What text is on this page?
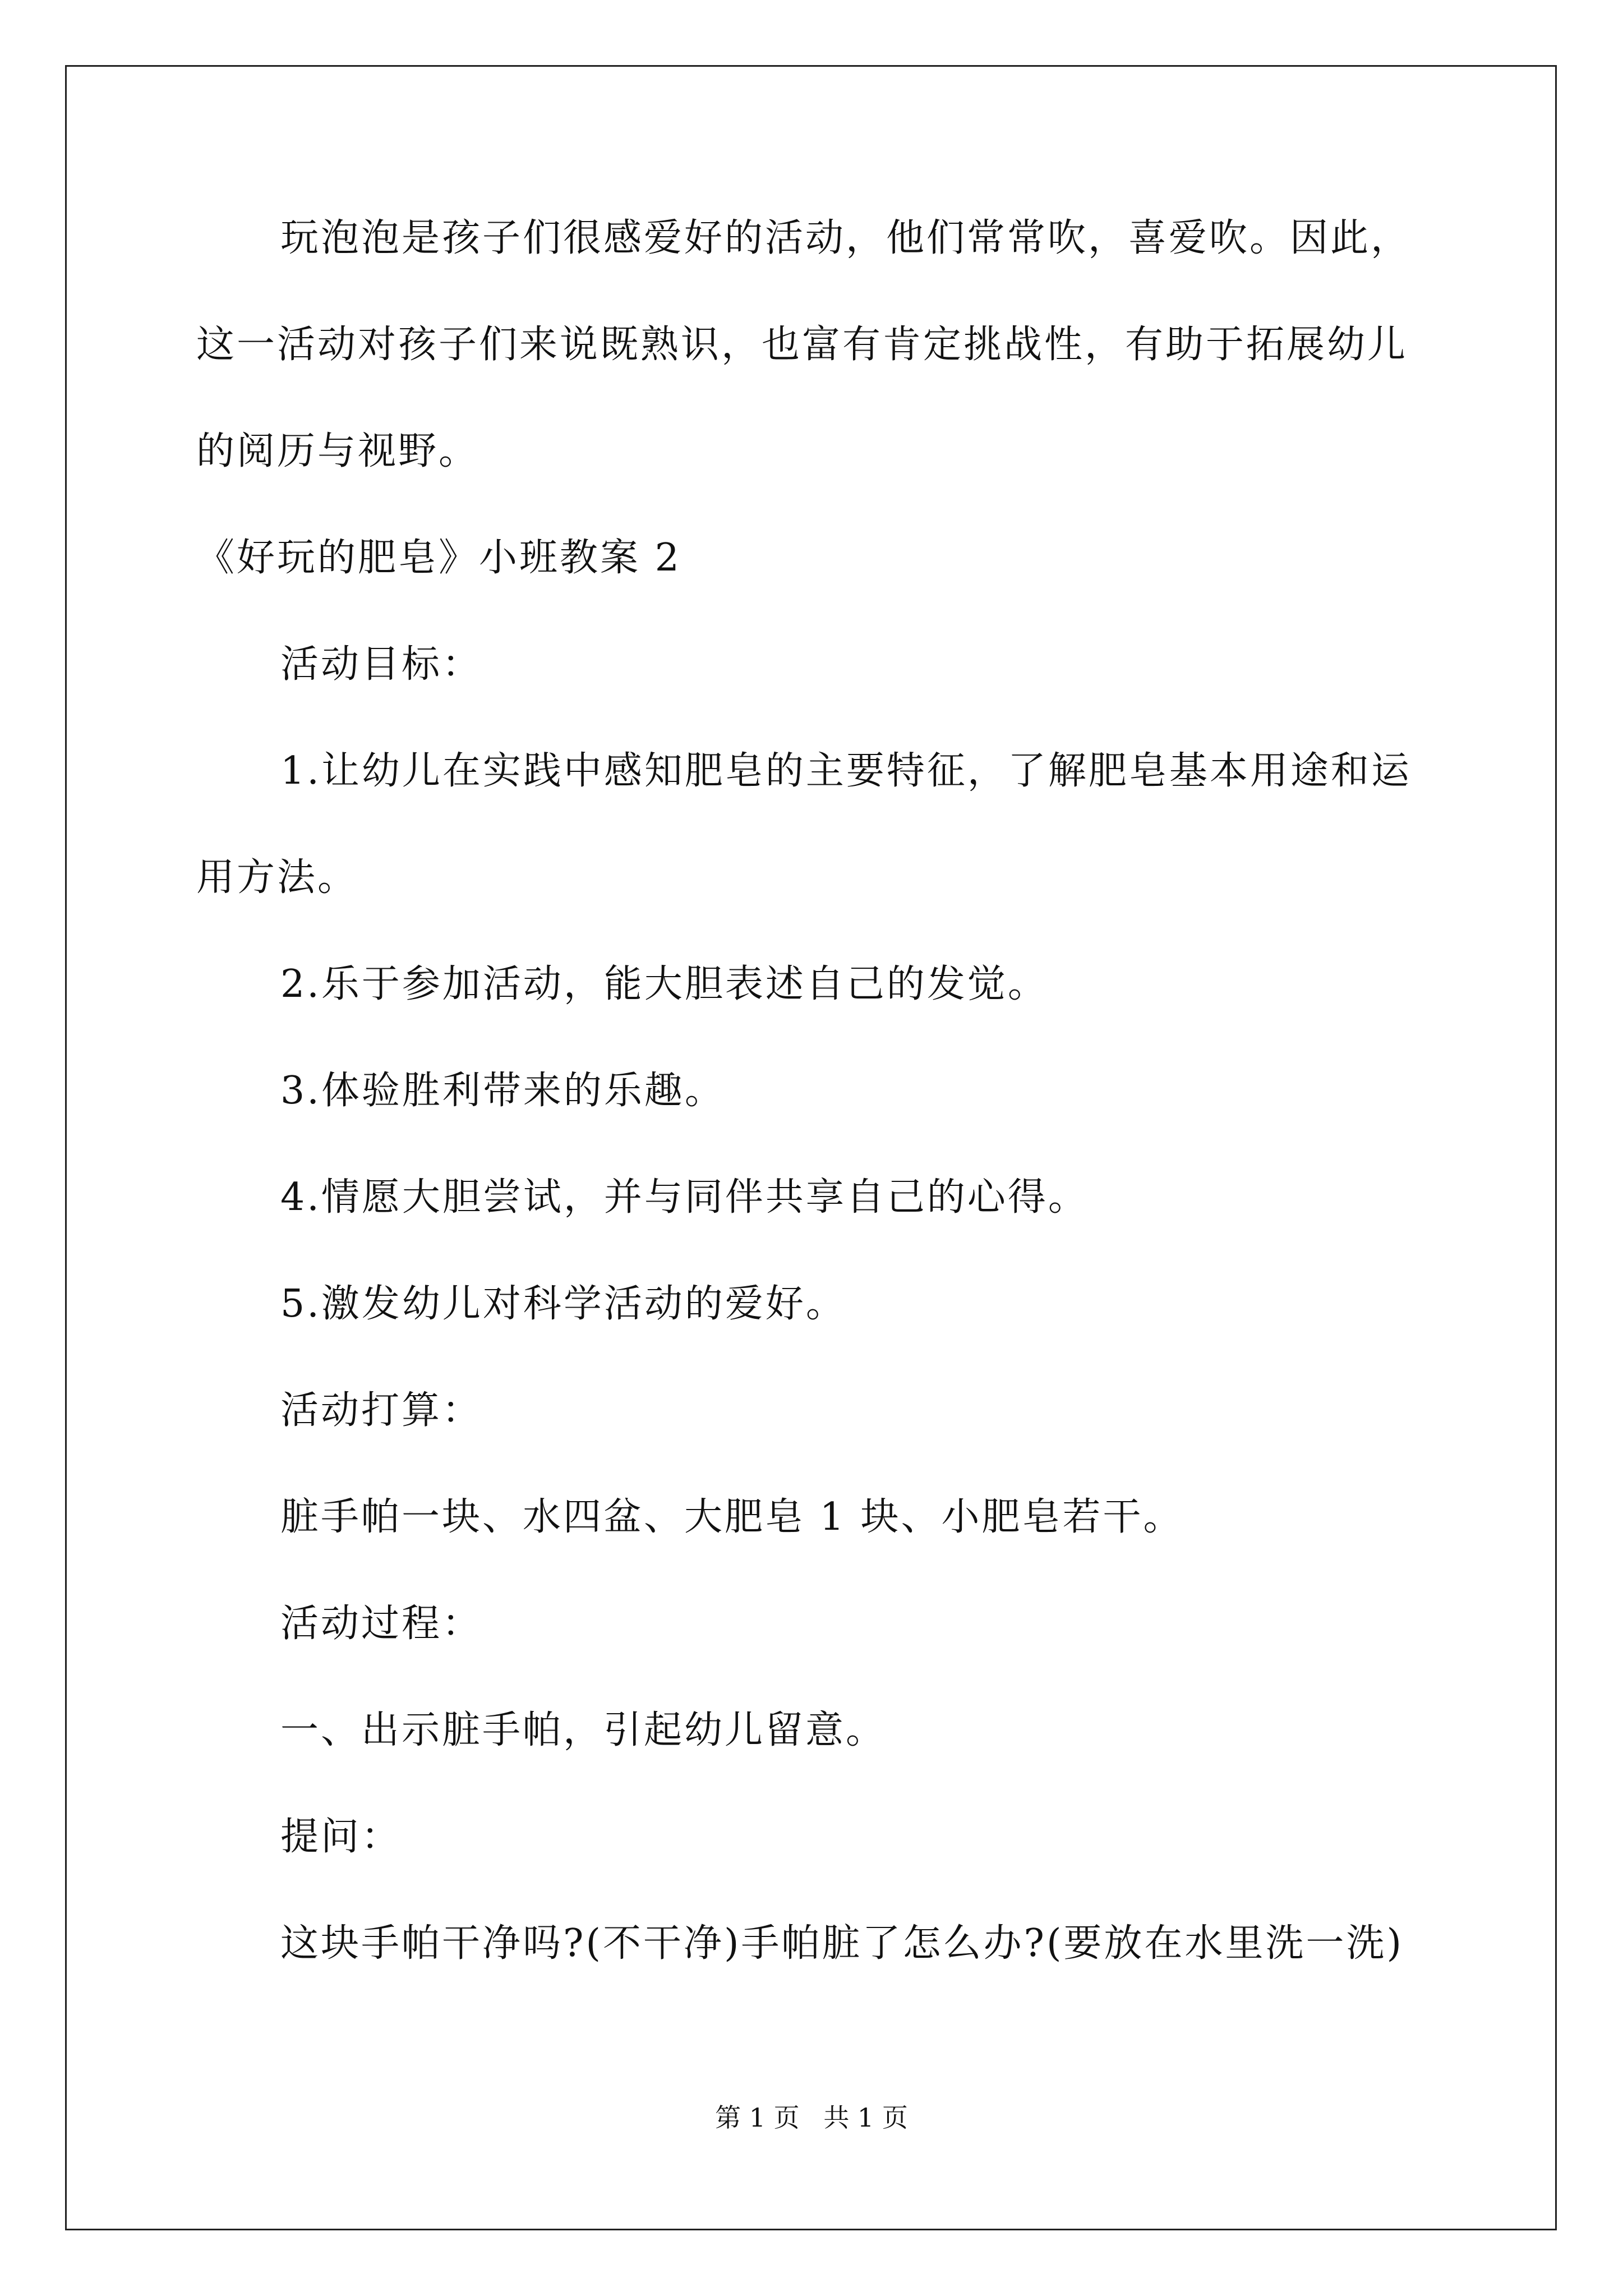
玩泡泡是孩子们很感爱好的活动，他们常常吹，喜爱吹。因此，
这一活动对孩子们来说既熟识，也富有肯定挑战性，有助于拓展幼儿
的阅历与视野。
《好玩的肥皂》小班教案 2
活动目标：
1.让幼儿在实践中感知肥皂的主要特征，了解肥皂基本用途和运
用方法。
2.乐于参加活动，能大胆表述自己的发觉。
3.体验胜利带来的乐趣。
4.情愿大胆尝试，并与同伴共享自己的心得。
5.激发幼儿对科学活动的爱好。
活动打算：
脏手帕一块、水四盆、大肥皂 1 块、小肥皂若干。
活动过程：
一、出示脏手帕，引起幼儿留意。
提问：
这块手帕干净吗?(不干净)手帕脏了怎么办?(要放在水里洗一洗)
第 1 页 共 1 页
